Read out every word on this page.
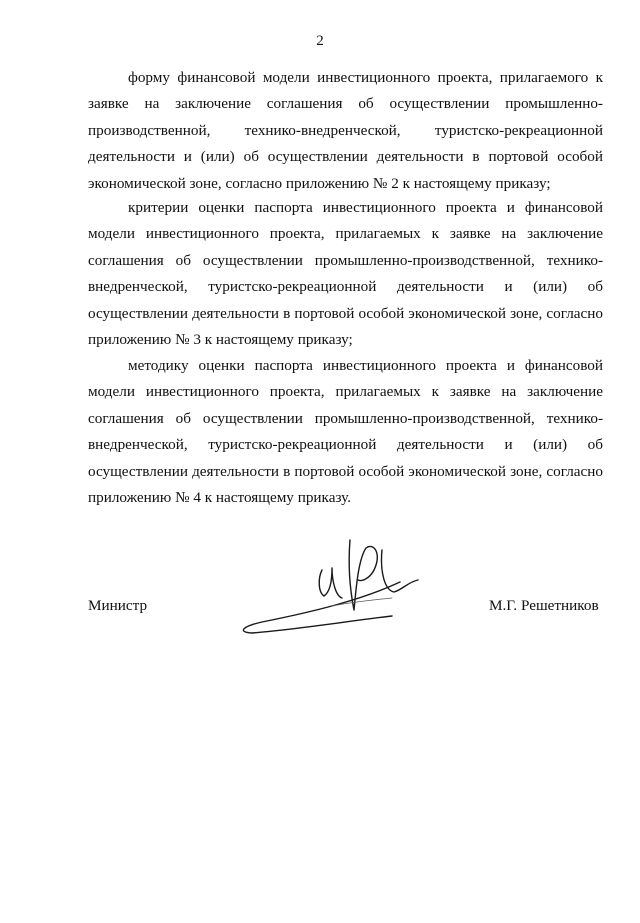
2

форму финансовой модели инвестиционного проекта, прилагаемого к заявке на заключение соглашения об осуществлении промышленно-производственной, технико-внедренческой, туристско-рекреационной деятельности и (или) об осуществлении деятельности в портовой особой экономической зоне, согласно приложению № 2 к настоящему приказу;

критерии оценки паспорта инвестиционного проекта и финансовой модели инвестиционного проекта, прилагаемых к заявке на заключение соглашения об осуществлении промышленно-производственной, технико-внедренческой, туристско-рекреационной деятельности и (или) об осуществлении деятельности в портовой особой экономической зоне, согласно приложению № 3 к настоящему приказу;

методику оценки паспорта инвестиционного проекта и финансовой модели инвестиционного проекта, прилагаемых к заявке на заключение соглашения об осуществлении промышленно-производственной, технико-внедренческой, туристско-рекреационной деятельности и (или) об осуществлении деятельности в портовой особой экономической зоне, согласно приложению № 4 к настоящему приказу.

Министр	М.Г. Решетников
